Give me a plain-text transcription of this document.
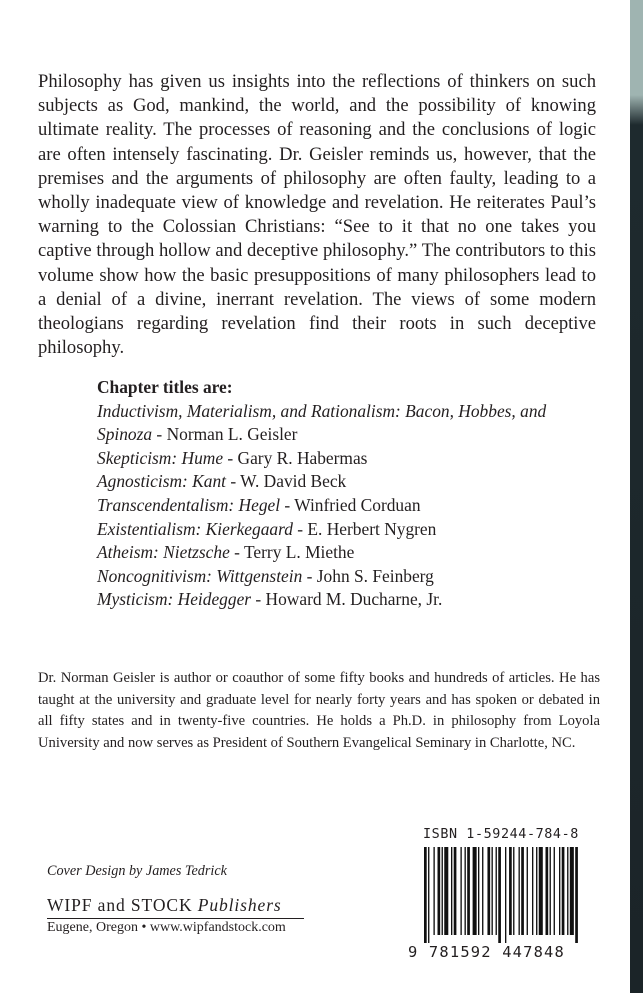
Philosophy has given us insights into the reflections of thinkers on such subjects as God, mankind, the world, and the possibility of knowing ultimate reality. The processes of reasoning and the conclusions of logic are often intensely fascinating. Dr. Geisler reminds us, however, that the premises and the arguments of philosophy are often faulty, leading to a wholly inadequate view of knowledge and revelation. He reiterates Paul’s warning to the Colossian Christians: “See to it that no one takes you captive through hollow and deceptive philosophy.” The contributors to this volume show how the basic presuppositions of many philosophers lead to a denial of a divine, inerrant revelation. The views of some modern theologians regarding revelation find their roots in such deceptive philosophy.

Chapter titles are:
Inductivism, Materialism, and Rationalism: Bacon, Hobbes, and
Spinoza - Norman L. Geisler
Skepticism: Hume - Gary R. Habermas
Agnosticism: Kant - W. David Beck
Transcendentalism: Hegel - Winfried Corduan
Existentialism: Kierkegaard - E. Herbert Nygren
Atheism: Nietzsche - Terry L. Miethe
Noncognitivism: Wittgenstein - John S. Feinberg
Mysticism: Heidegger - Howard M. Ducharne, Jr.

Dr. Norman Geisler is author or coauthor of some fifty books and hundreds of articles. He has taught at the university and graduate level for nearly forty years and has spoken or debated in all fifty states and in twenty-five countries. He holds a Ph.D. in philosophy from Loyola University and now serves as President of Southern Evangelical Seminary in Charlotte, NC.

Cover Design by James Tedrick
WIPF and STOCK Publishers
Eugene, Oregon • www.wipfandstock.com
ISBN 1-59244-784-8
9 781592 447848
